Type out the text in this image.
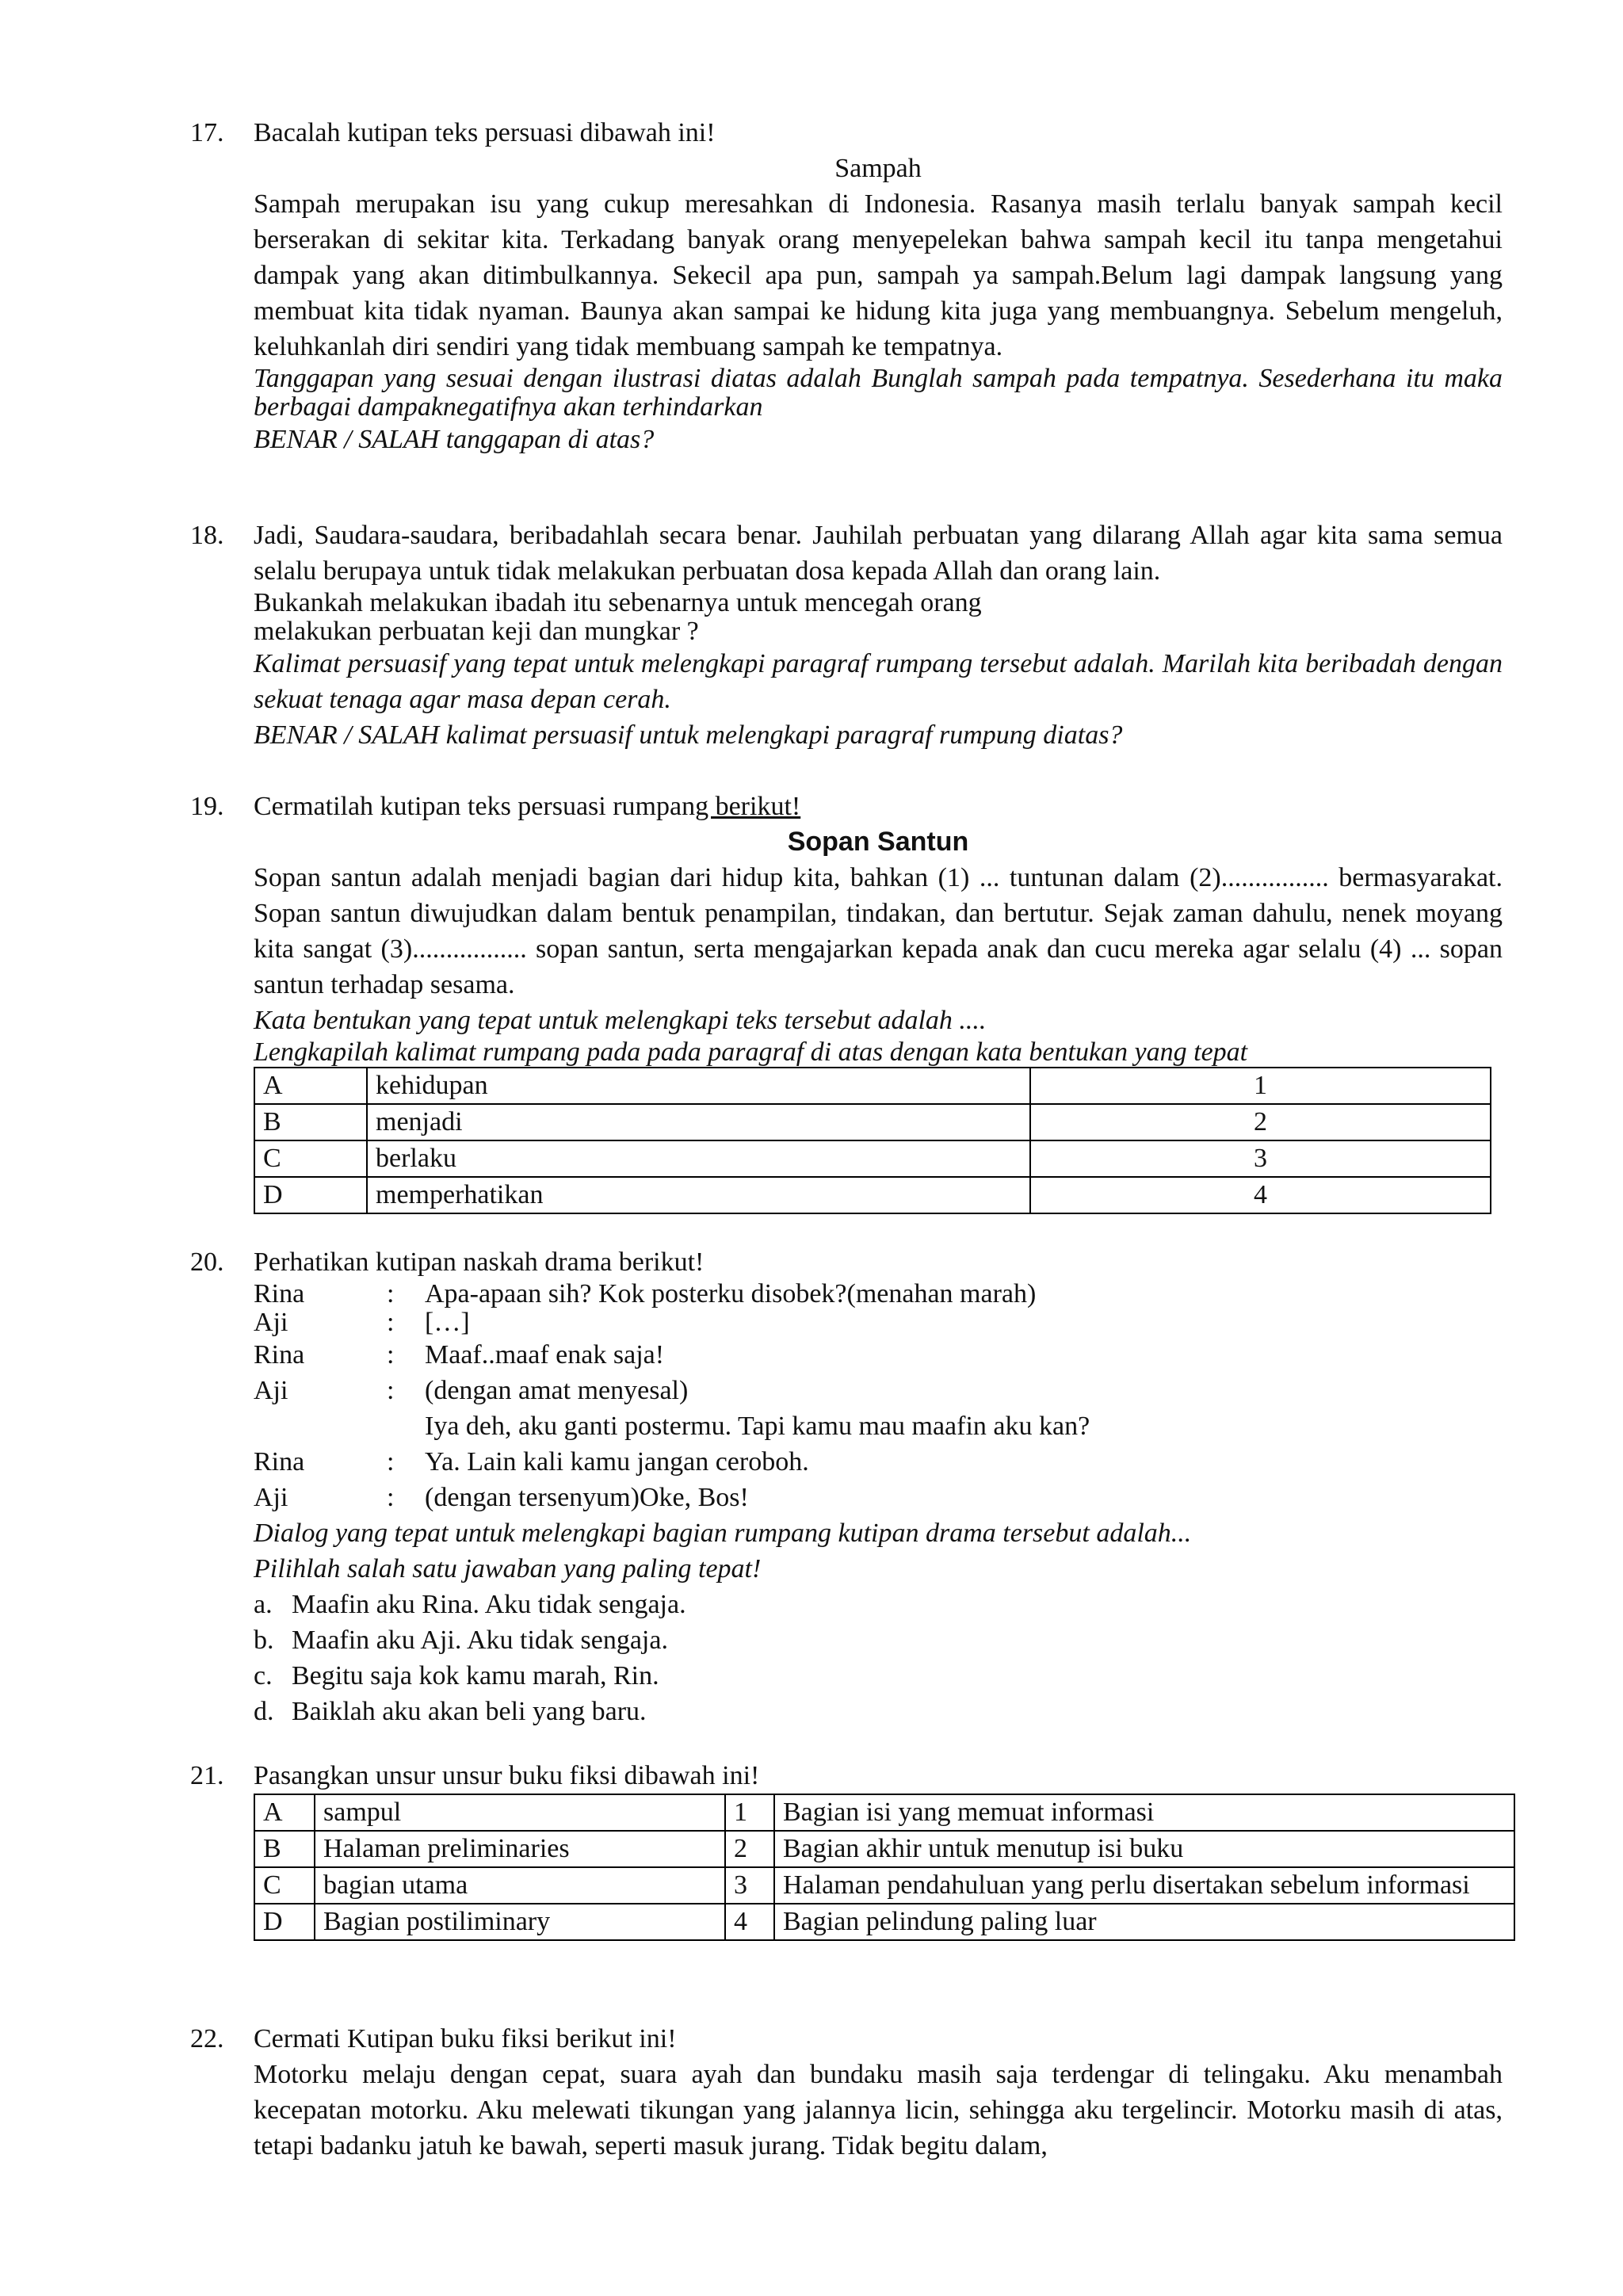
17.	Bacalah kutipan teks persuasi dibawah ini!
Sampah
Sampah merupakan isu yang cukup meresahkan di Indonesia. Rasanya masih terlalu banyak sampah kecil berserakan di sekitar kita. Terkadang banyak orang menyepelekan bahwa sampah kecil itu tanpa mengetahui dampak yang akan ditimbulkannya. Sekecil apa pun, sampah ya sampah.Belum lagi dampak langsung yang membuat kita tidak nyaman. Baunya akan sampai ke hidung kita juga yang membuangnya. Sebelum mengeluh, keluhkanlah diri sendiri yang tidak membuang sampah ke tempatnya.
Tanggapan yang sesuai dengan ilustrasi diatas adalah Bunglah sampah pada tempatnya. Sesederhana itu maka berbagai dampaknegatifnya akan terhindarkan
BENAR / SALAH tanggapan di atas?
18.	Jadi, Saudara-saudara, beribadahlah secara benar. Jauhilah perbuatan yang dilarang Allah agar kita sama semua selalu berupaya untuk tidak melakukan perbuatan dosa kepada Allah dan orang lain.
Bukankah melakukan ibadah itu sebenarnya untuk mencegah orang
melakukan perbuatan keji dan mungkar ?
Kalimat persuasif yang tepat untuk melengkapi paragraf rumpang tersebut adalah. Marilah kita beribadah dengan sekuat tenaga agar masa depan cerah.
BENAR / SALAH kalimat persuasif untuk melengkapi paragraf rumpung diatas?
19.	Cermatilah kutipan teks persuasi rumpang berikut!
Sopan Santun
Sopan santun adalah menjadi bagian dari hidup kita, bahkan (1) ... tuntunan dalam (2)................ bermasyarakat. Sopan santun diwujudkan dalam bentuk penampilan, tindakan, dan bertutur. Sejak zaman dahulu, nenek moyang kita sangat (3)................. sopan santun, serta mengajarkan kepada anak dan cucu mereka agar selalu (4) ... sopan santun terhadap sesama.
Kata bentukan yang tepat untuk melengkapi teks tersebut adalah ....
Lengkapilah kalimat rumpang pada pada paragraf di atas dengan kata bentukan yang tepat
A	kehidupan	1
B	menjadi	2
C	berlaku	3
D	memperhatikan	4
20.	Perhatikan kutipan naskah drama berikut!
Rina	:	Apa-apaan sih? Kok posterku disobek?(menahan marah)
Aji	:	[…]
Rina	:	Maaf..maaf enak saja!
Aji	:	(dengan amat menyesal)
Iya deh, aku ganti postermu. Tapi kamu mau maafin aku kan?
Rina	:	Ya. Lain kali kamu jangan ceroboh.
Aji	:	(dengan tersenyum)Oke, Bos!
Dialog yang tepat untuk melengkapi bagian rumpang kutipan drama tersebut adalah...
Pilihlah salah satu jawaban yang paling tepat!
a. Maafin aku Rina. Aku tidak sengaja.
b. Maafin aku Aji. Aku tidak sengaja.
c. Begitu saja kok kamu marah, Rin.
d. Baiklah aku akan beli yang baru.
21.	Pasangkan unsur unsur buku fiksi dibawah ini!
A	sampul	1	Bagian isi yang memuat informasi
B	Halaman preliminaries	2	Bagian akhir untuk menutup isi buku
C	bagian utama	3	Halaman pendahuluan yang perlu disertakan sebelum informasi
D	Bagian postiliminary	4	Bagian pelindung paling luar
22.	Cermati Kutipan buku fiksi berikut ini!
Motorku melaju dengan cepat, suara ayah dan bundaku masih saja terdengar di telingaku. Aku menambah kecepatan motorku. Aku melewati tikungan yang jalannya licin, sehingga aku tergelincir. Motorku masih di atas, tetapi badanku jatuh ke bawah, seperti masuk jurang. Tidak begitu dalam,
